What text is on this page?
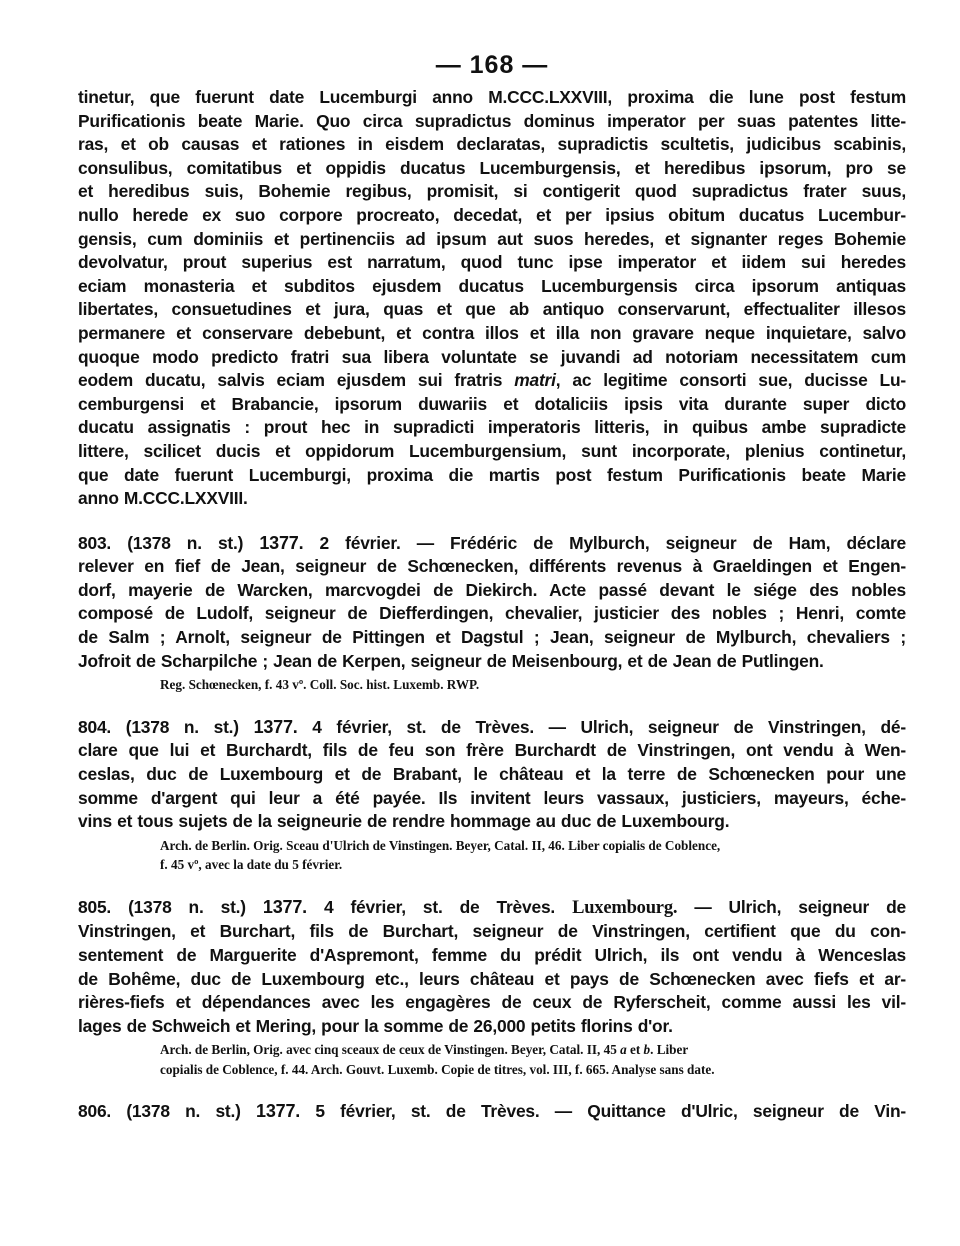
— 168 —

tinetur, que fuerunt date Lucemburgi anno M.CCC.LXXVIII, proxima die lune post festum
Purificationis beate Marie. Quo circa supradictus dominus imperator per suas patentes litte-
ras, et ob causas et rationes in eisdem declaratas, supradictis scultetis, judicibus scabinis,
consulibus, comitatibus et oppidis ducatus Lucemburgensis, et heredibus ipsorum, pro se
et heredibus suis, Bohemie regibus, promisit, si contigerit quod supradictus frater suus,
nullo herede ex suo corpore procreato, decedat, et per ipsius obitum ducatus Lucembur-
gensis, cum dominiis et pertinenciis ad ipsum aut suos heredes, et signanter reges Bohemie
devolvatur, prout superius est narratum, quod tunc ipse imperator et iidem sui heredes
eciam monasteria et subditos ejusdem ducatus Lucemburgensis circa ipsorum antiquas
libertates, consuetudines et jura, quas et que ab antiquo conservarunt, effectualiter illesos
permanere et conservare debebunt, et contra illos et illa non gravare neque inquietare, salvo
quoque modo predicto fratri sua libera voluntate se juvandi ad notoriam necessitatem cum
eodem ducatu, salvis eciam ejusdem sui fratris matri, ac legitime consorti sue, ducisse Lu-
cemburgensi et Brabancie, ipsorum duwariis et dotaliciis ipsis vita durante super dicto
ducatu assignatis : prout hec in supradicti imperatoris litteris, in quibus ambe supradicte
littere, scilicet ducis et oppidorum Lucemburgensium, sunt incorporate, plenius continetur,
que date fuerunt Lucemburgi, proxima die martis post festum Purificationis beate Marie
anno M.CCC.LXXVIII.

803. (1378 n. st.) 1377. 2 février. — Frédéric de Mylburch, seigneur de Ham, déclare
relever en fief de Jean, seigneur de Schœnecken, différents revenus à Graeldingen et Engen-
dorf, mayerie de Warcken, marcvogdei de Diekirch. Acte passé devant le siége des nobles
composé de Ludolf, seigneur de Diefferdingen, chevalier, justicier des nobles ; Henri, comte
de Salm ; Arnolt, seigneur de Pittingen et Dagstul ; Jean, seigneur de Mylburch, chevaliers ;
Jofroit de Scharpilche ; Jean de Kerpen, seigneur de Meisenbourg, et de Jean de Putlingen.

Reg. Schœnecken, f. 43 vº. Coll. Soc. hist. Luxemb. RWP.

804. (1378 n. st.) 1377. 4 février, st. de Trèves. — Ulrich, seigneur de Vinstringen, dé-
clare que lui et Burchardt, fils de feu son frère Burchardt de Vinstringen, ont vendu à Wen-
ceslas, duc de Luxembourg et de Brabant, le château et la terre de Schœnecken pour une
somme d'argent qui leur a été payée. Ils invitent leurs vassaux, justiciers, mayeurs, éche-
vins et tous sujets de la seigneurie de rendre hommage au duc de Luxembourg.

Arch. de Berlin. Orig. Sceau d'Ulrich de Vinstingen. Beyer, Catal. II, 46. Liber copialis de Coblence,
f. 45 vº, avec la date du 5 février.

805. (1378 n. st.) 1377. 4 février, st. de Trèves. Luxembourg. — Ulrich, seigneur de
Vinstringen, et Burchart, fils de Burchart, seigneur de Vinstringen, certifient que du con-
sentement de Marguerite d'Aspremont, femme du prédit Ulrich, ils ont vendu à Wenceslas
de Bohême, duc de Luxembourg etc., leurs château et pays de Schœnecken avec fiefs et ar-
rières-fiefs et dépendances avec les engagères de ceux de Ryferscheit, comme aussi les vil-
lages de Schweich et Mering, pour la somme de 26,000 petits florins d'or.

Arch. de Berlin, Orig. avec cinq sceaux de ceux de Vinstingen. Beyer, Catal. II, 45 a et b. Liber
copialis de Coblence, f. 44. Arch. Gouvt. Luxemb. Copie de titres, vol. III, f. 665. Analyse sans date.

806. (1378 n. st.) 1377. 5 février, st. de Trèves. — Quittance d'Ulric, seigneur de Vin-
